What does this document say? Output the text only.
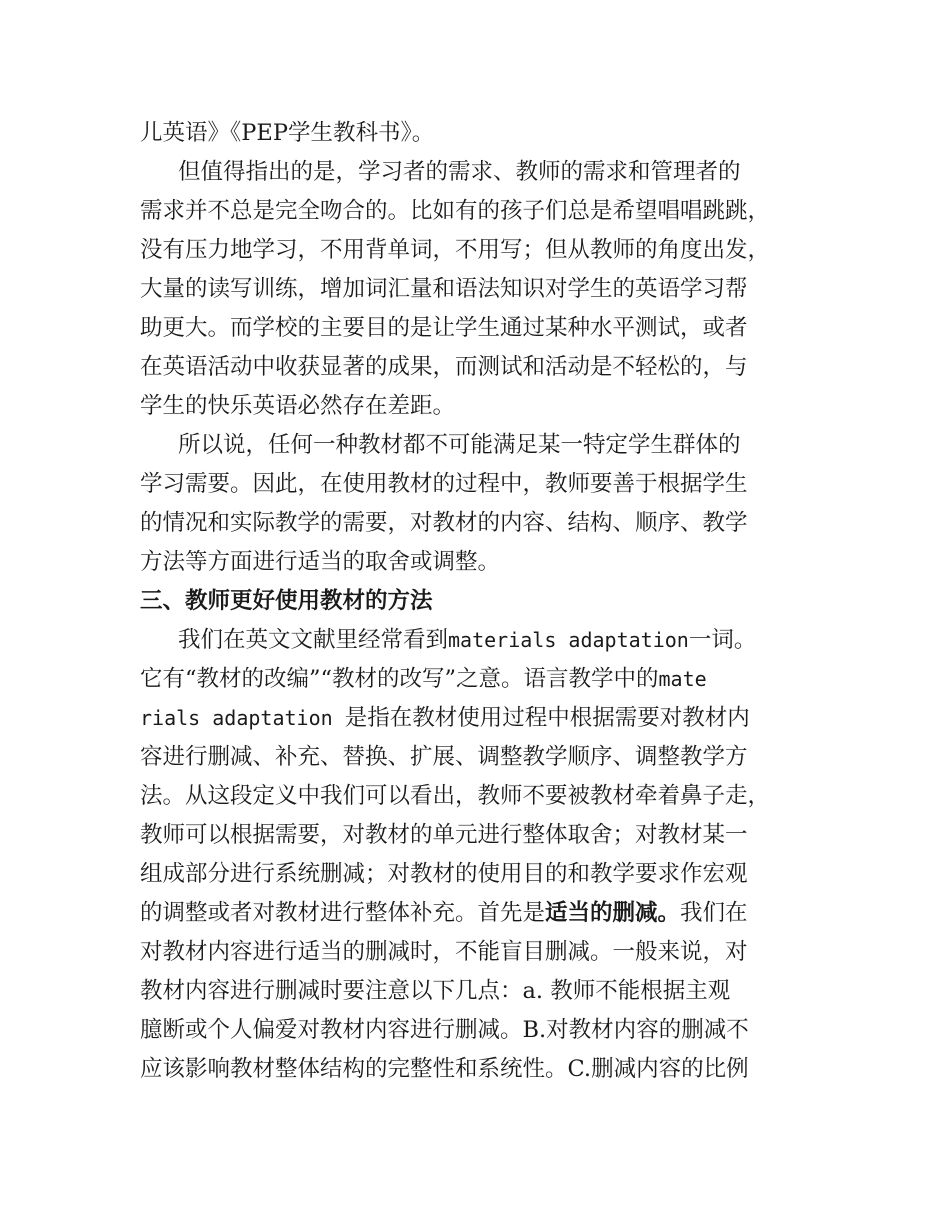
儿英语》《PEP学生教科书》。
但值得指出的是，学习者的需求、教师的需求和管理者的
需求并不总是完全吻合的。比如有的孩子们总是希望唱唱跳跳，
没有压力地学习，不用背单词，不用写；但从教师的角度出发，
大量的读写训练，增加词汇量和语法知识对学生的英语学习帮
助更大。而学校的主要目的是让学生通过某种水平测试，或者
在英语活动中收获显著的成果，而测试和活动是不轻松的，与
学生的快乐英语必然存在差距。
所以说，任何一种教材都不可能满足某一特定学生群体的
学习需要。因此，在使用教材的过程中，教师要善于根据学生
的情况和实际教学的需要，对教材的内容、结构、顺序、教学
方法等方面进行适当的取舍或调整。
三、教师更好使用教材的方法
我们在英文文献里经常看到materials adaptation一词。
它有“教材的改编”“教材的改写”之意。语言教学中的mate
rials adaptation 是指在教材使用过程中根据需要对教材内
容进行删减、补充、替换、扩展、调整教学顺序、调整教学方
法。从这段定义中我们可以看出，教师不要被教材牵着鼻子走，
教师可以根据需要，对教材的单元进行整体取舍；对教材某一
组成部分进行系统删减；对教材的使用目的和教学要求作宏观
的调整或者对教材进行整体补充。首先是适当的删减。我们在
对教材内容进行适当的删减时，不能盲目删减。一般来说，对
教材内容进行删减时要注意以下几点：a. 教师不能根据主观
臆断或个人偏爱对教材内容进行删减。B.对教材内容的删减不
应该影响教材整体结构的完整性和系统性。C.删减内容的比例
